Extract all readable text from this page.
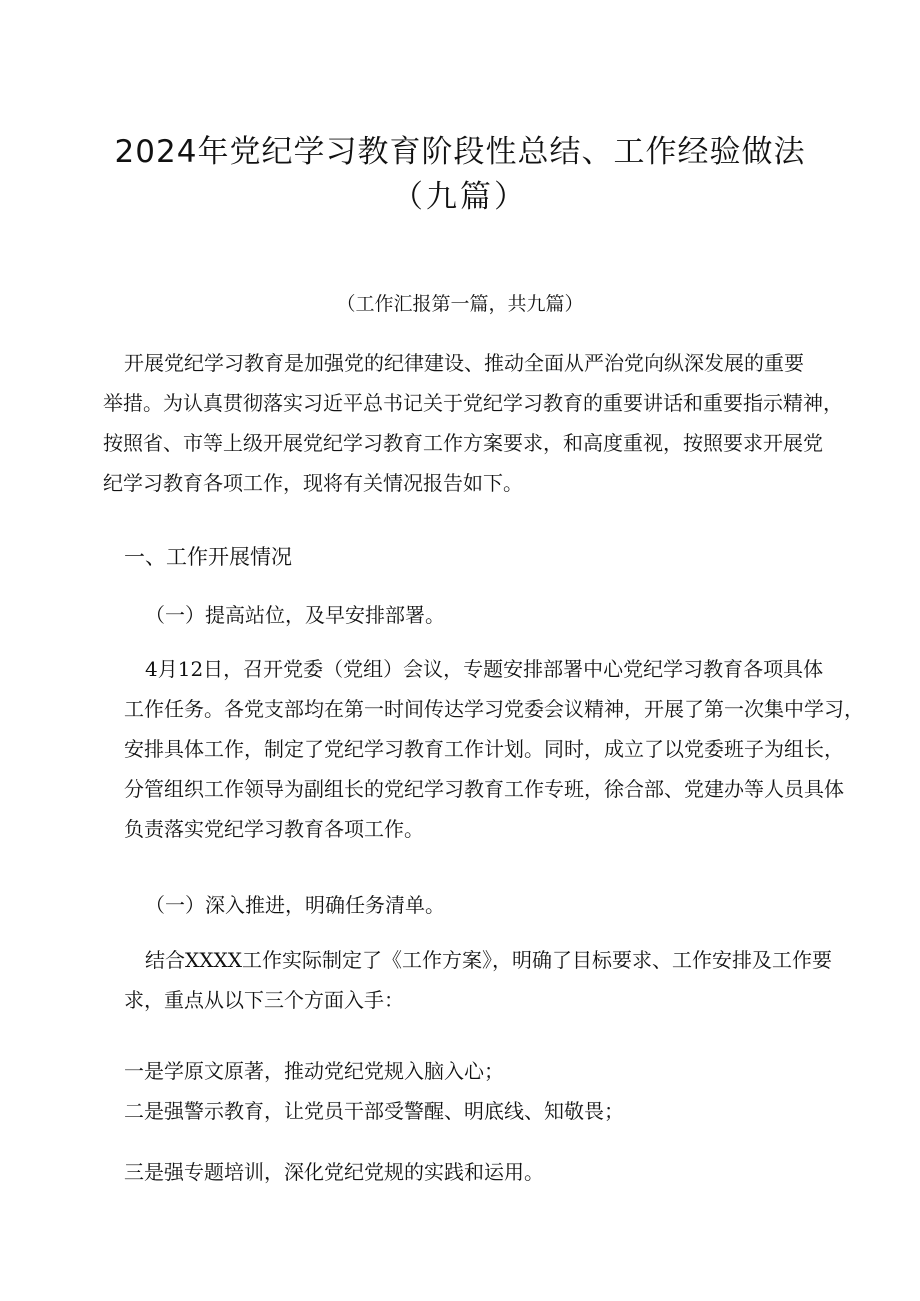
2024年党纪学习教育阶段性总结、工作经验做法
（九篇）
（工作汇报第一篇，共九篇）

开展党纪学习教育是加强党的纪律建设、推动全面从严治党向纵深发展的重要
举措。为认真贯彻落实习近平总书记关于党纪学习教育的重要讲话和重要指示精神，
按照省、市等上级开展党纪学习教育工作方案要求，和高度重视，按照要求开展党
纪学习教育各项工作，现将有关情况报告如下。

一、工作开展情况
（一）提高站位，及早安排部署。

4月12日，召开党委（党组）会议，专题安排部署中心党纪学习教育各项具体
工作任务。各党支部均在第一时间传达学习党委会议精神，开展了第一次集中学习，
安排具体工作，制定了党纪学习教育工作计划。同时，成立了以党委班子为组长，
分管组织工作领导为副组长的党纪学习教育工作专班，徐合部、党建办等人员具体
负责落实党纪学习教育各项工作。

（一）深入推进，明确任务清单。

结合XXXX工作实际制定了《工作方案》，明确了目标要求、工作安排及工作要
求，重点从以下三个方面入手：

一是学原文原著，推动党纪党规入脑入心；
二是强警示教育，让党员干部受警醒、明底线、知敬畏；
三是强专题培训，深化党纪党规的实践和运用。
